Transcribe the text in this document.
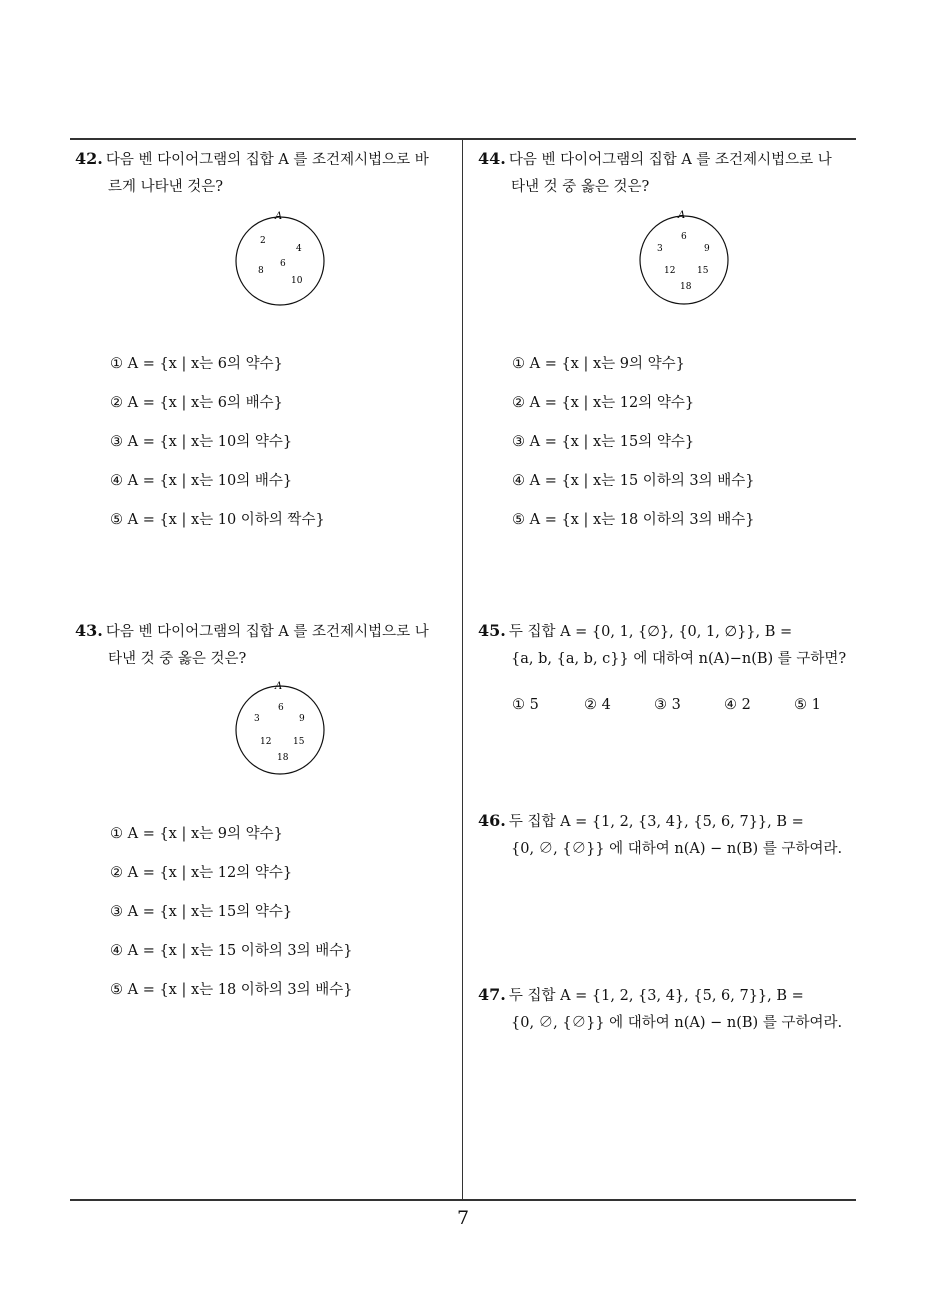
42. 다음 벤 다이어그램의 집합 A 를 조건제시법으로 바
르게 나타낸 것은?
A
2
4
8
6
10
① A = {x | x는 6의 약수}
② A = {x | x는 6의 배수}
③ A = {x | x는 10의 약수}
④ A = {x | x는 10의 배수}
⑤ A = {x | x는 10 이하의 짝수}
43. 다음 벤 다이어그램의 집합 A 를 조건제시법으로 나
타낸 것 중 옳은 것은?
A
6
3	9
12 15
18
① A = {x | x는 9의 약수}
② A = {x | x는 12의 약수}
③ A = {x | x는 15의 약수}
④ A = {x | x는 15 이하의 3의 배수}
⑤ A = {x | x는 18 이하의 3의 배수}
44. 다음 벤 다이어그램의 집합 A 를 조건제시법으로 나
타낸 것 중 옳은 것은?
A
6
3	9
12 15
18
① A = {x | x는 9의 약수}
② A = {x | x는 12의 약수}
③ A = {x | x는 15의 약수}
④ A = {x | x는 15 이하의 3의 배수}
⑤ A = {x | x는 18 이하의 3의 배수}
45. 두 집합 A = {0, 1, {∅}, {0, 1, ∅}}, B =
{a, b, {a, b, c}} 에 대하여 n(A)−n(B) 를 구하면?
① 5	② 4	③ 3	④ 2	⑤ 1
46. 두 집합 A = {1, 2, {3, 4}, {5, 6, 7}}, B =
{0, ∅, {∅}} 에 대하여 n(A) − n(B) 를 구하여라.
47. 두 집합 A = {1, 2, {3, 4}, {5, 6, 7}}, B =
{0, ∅, {∅}} 에 대하여 n(A) − n(B) 를 구하여라.
7
